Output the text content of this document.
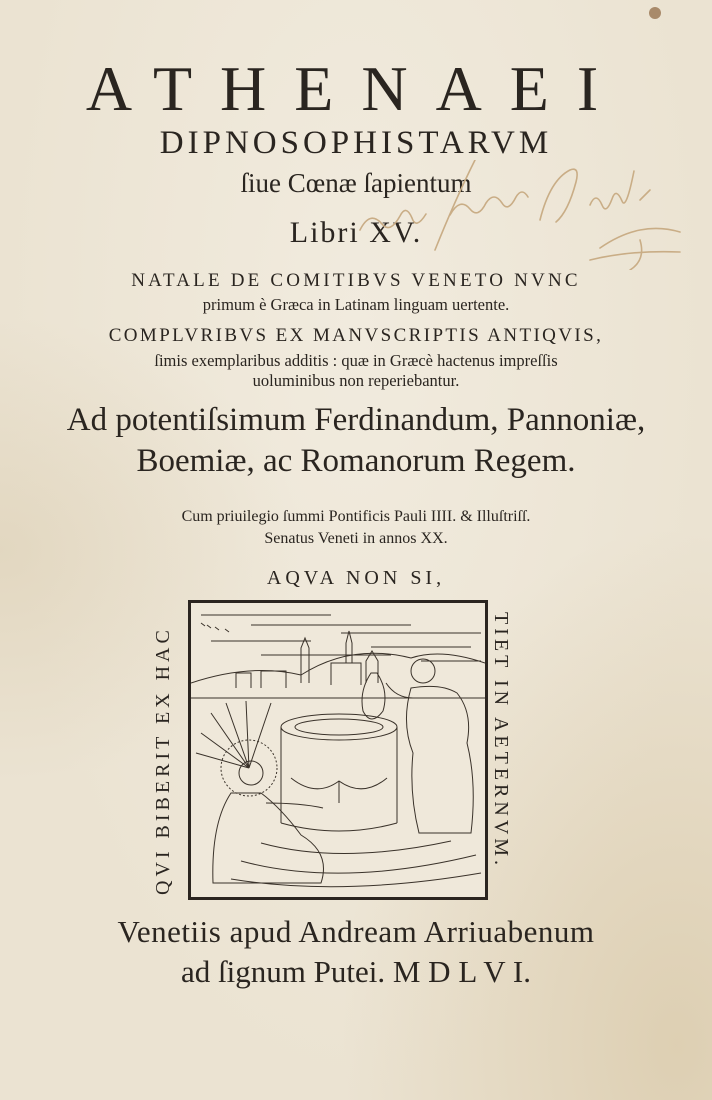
ATHENAEI
DIPNOSOPHISTARVM
ſiue Cœnæ ſapientum
Libri XV.
NATALE DE COMITIBVS VENETO NVNC
primum è Græca in Latinam linguam uertente.
COMPLVRIBVS EX MANVSCRIPTIS ANTIQVIS,
ſimis exemplaribus additis : quæ in Græcè hactenus impreſſis
uoluminibus non reperiebantur.
Ad potentiſsimum Ferdinandum, Pannoniæ,
Boemiæ, ac Romanorum Regem.
Cum priuilegio ſummi Pontificis Pauli IIII. & Illuſtriſſ.
Senatus Veneti in annos XX.
AQVA NON SI,
QVI BIBERIT EX HAC	TIET IN AETERNVM.
Venetiis apud Andream Arriuabenum
ad ſignum Putei. M D L V I.
